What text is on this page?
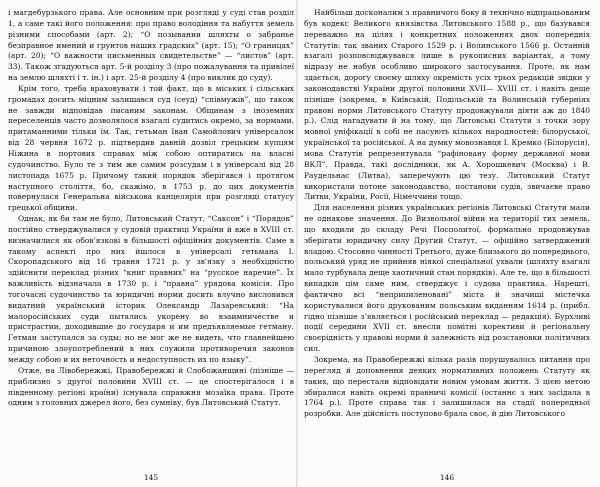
і магдебурзького права. Але основним при розгляді у суді став розділ 1, а саме такі його положення: про право володіння та набуття земель різними способами (арт. 2); “О позывании шляхты о забранье безправное имений и грунтов наших градских” (арт. 15); “О границах” (арт. 20); “О важности письменных свидетельстве” — “листов” (арт. 33). Також згадуються арт. 5-й розділу 3 (про пожалування та привілеї на землю шляхті і т. ін.) і арт. 25-й розділу 4 (про виклик до суду).

Крім того, треба враховувати і той факт, що в міських і сільських громадах досить міцним залишався суд (сеуд) “співмужів”, що також не завжди відповідав писаним законам. Общинам з іноземних переселенців часто дозволялося взагалі судитись окремо, за нормами, притаманними тільки їм. Так, гетьман Іван Самойлович універсалом від 28 червня 1672 р. підтвердив давній дозвіл грецьким купцям Ніжина в портових справах між собою оптиратись на власні судочинство. Було те з тим же самим розсудам і в універсалі від 28 листопада 1675 р. Причому такий порядок зберігався і протягом наступного століття, бо, скажімо, в 1753 р. до цих документів повернулася Генеральна військова канцелярія при розгляді статусу грецької общини.

Однак, як би там не було, Литовський Статут, “Саксон” і “Порядок” постійно стверджувалися у судовій практиці України й вже в XVIII ст. визначилися як обов'язкові в більшості офіційних документів. Саме в такому аспекті про них йшлося в універсалі гетьмана І. Скоропадського від 16 травня 1721 р. у зв'язку з необхідністю здійснити переклад різних “книг правних” на “русское наречие”. Їх важливість відзначала в 1730 р. і “правна” урядова комісія. Про тогочасні судочинство та юридичні норми досить влучно висловився видатний український історик Олександр Лазаревський: “На малоросійських суди пытались укорену во взаимничестве и пристрастии, доходившие до государя и им предъявляемые гетману. Гетман заступался за суды; но не мог же не видеть, что главнейшею причиною злоупотреблений в них служили противоречия законов между собою и их неточность и недоступность их по языку”.

Отже, на Лівобережжі, Правобережжі й Слобожанщині (пізніше — приблизно з другої половини XVIII ст. — це спостерігалося і в південному регіоні країни) існувала справжня мозаїка права. Проте одним з головних джерел його, без сумніву, був Литовський Статут.

145

Найбільш досконалим з правничого боку й технічно відпрацьованим був кодекс Великого князівства Литовського 1588 р., що базувався переважно на цілях і конкретних положеннях двох попередніх Статутів: так званих Старого 1529 р. і Волинського 1566 р. Останній взагалі розповсюджувався лише в рукописних варіантах, а тому відразу не набув особливо широкого застосування. Проте, як нам здається, дорогу своєму шляху окремість усіх трьох редакцій звідки у законодавстві України другої половини XVII— XVIII ст. і навіть деще пізніше (зокрема, в Київській, Подільській та Волинській губерніях правові норми Литовського Статуту продовжували діяти аж до 1840 р.). Слід нагадувати й на тому, що Литовські Статути з точки зору мовної уніфікації в собі не пасують кількох народностей: білоруської, української та російської. А на думку мовознавця І. Кремко (Білорусія), мова Статутів репрезентувала “рафіновану форму державної мови ВКЛ”. Правда, такі дослідники, як А. Хорошкевич (Москва) і В. Раудельнас (Литва), заперечують цю тезу. Литовський Статут використали потоне законодавство, постанови судів, звичаєве право Литви, України, Росії, Німеччини тощо.

Для населення різних українських регіонів Литовські Статути мали не однакове значення. До Визвольної війни на території тих земель, що входили до складу Речі Посполитої, формально продовжував зберігати юридичну силу Другий Статут, — офіційно затверджений владою. Стосовно чинності Третього, дуже близького до попереднього, польський уряд не прийняв ніякої спеціальної ухвали (шляхту взагалі мало турбувала деще хаотичний стан порядків). Але те, що в більшості випадків цім саме ним, стверджує і судова практика. Нарешті, фактично всі “неприпиленовані” міста й значиші містечка користувалися його друкованим польським виданням 1614 р. (прибл. гідно пізніше з’являється і російський переклад — редакція). Бурхливі події середини XVII ст. внесли помітні корективи й регіональну своєрідність у правові норми й залежність від розстановки політичних сил.

Зокрема, на Правобережжі кілька разів порушувалось питання про перегляд й доповнення деяких нормативних положень Статуту як таких, що перестали відповідати новим умовам життя. З цією метою збиралися навіть окремі правничі комісії (останнє з них засідала в 1764 р.). Проте справа так і залишилася на стадії попередньої розробки. Але дійсність поступово брала своє, й дію Литовського

146
